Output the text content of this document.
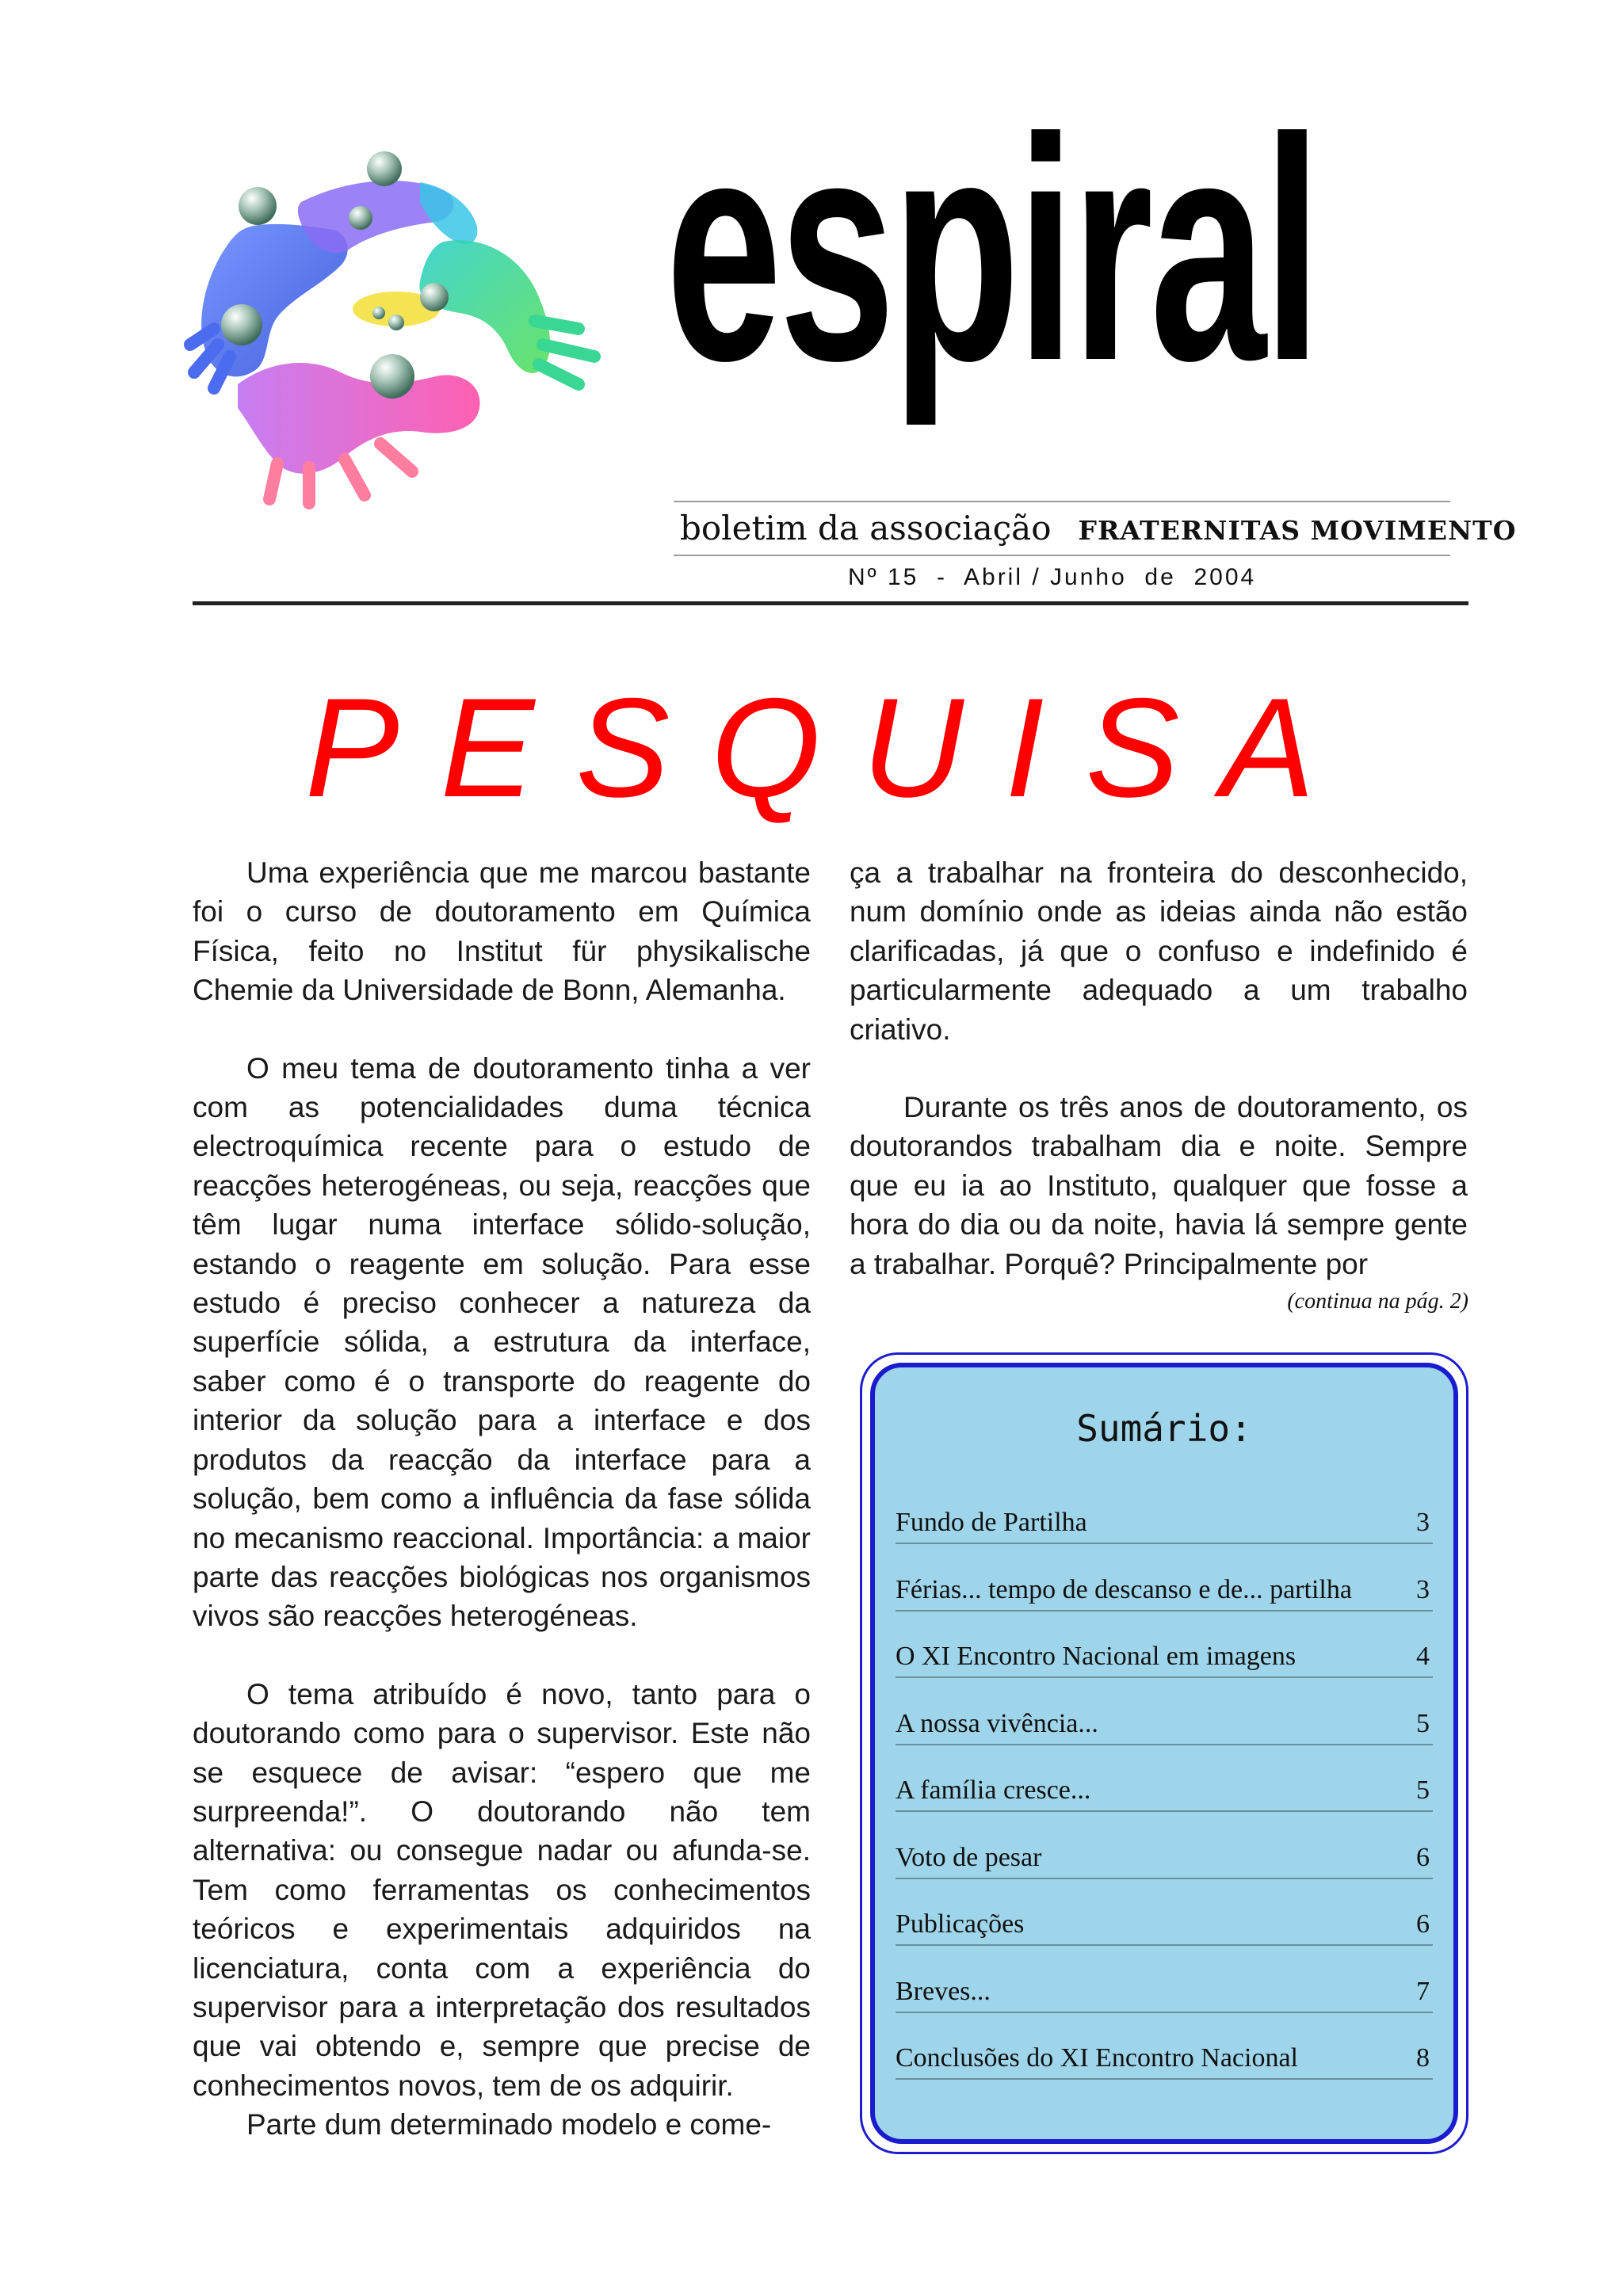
espiral
boletim da associação FRATERNITAS MOVIMENTO
Nº 15  -  Abril / Junho  de  2004
PESQUISA

Uma experiência que me marcou bastante foi o curso de doutoramento em Química Física, feito no Institut für physikalische Chemie da Universidade de Bonn, Alemanha.

O meu tema de doutoramento tinha a ver com as potencialidades duma técnica electroquímica recente para o estudo de reacções heterogéneas, ou seja, reacções que têm lugar numa interface sólido-solução, estando o reagente em solução. Para esse estudo é preciso conhecer a natureza da superfície sólida, a estrutura da interface, saber como é o transporte do reagente do interior da solução para a interface e dos produtos da reacção da interface para a solução, bem como a influência da fase sólida no mecanismo reaccional. Importância: a maior parte das reacções biológicas nos organismos vivos são reacções heterogéneas.

O tema atribuído é novo, tanto para o doutorando como para o supervisor. Este não se esquece de avisar: “espero que me surpreenda!”. O doutorando não tem alternativa: ou consegue nadar ou afunda-se. Tem como ferramentas os conhecimentos teóricos e experimentais adquiridos na licenciatura, conta com a experiência do supervisor para a interpretação dos resultados que vai obtendo e, sempre que precise de conhecimentos novos, tem de os adquirir.

Parte dum determinado modelo e come-

ça a trabalhar na fronteira do desconhecido, num domínio onde as ideias ainda não estão clarificadas, já que o confuso e indefinido é particularmente adequado a um trabalho criativo.

Durante os três anos de doutoramento, os doutorandos trabalham dia e noite. Sempre que eu ia ao Instituto, qualquer que fosse a hora do dia ou da noite, havia lá sempre gente a trabalhar. Porquê? Principalmente por

(continua na pág. 2)
Sumário:
Fundo de Partilha	3
Férias... tempo de descanso e de... partilha 3
O XI Encontro Nacional em imagens	4
A nossa vivência...	5
A família cresce...	5
Voto de pesar	6
Publicações	6
Breves...	7
Conclusões do XI Encontro Nacional	8
